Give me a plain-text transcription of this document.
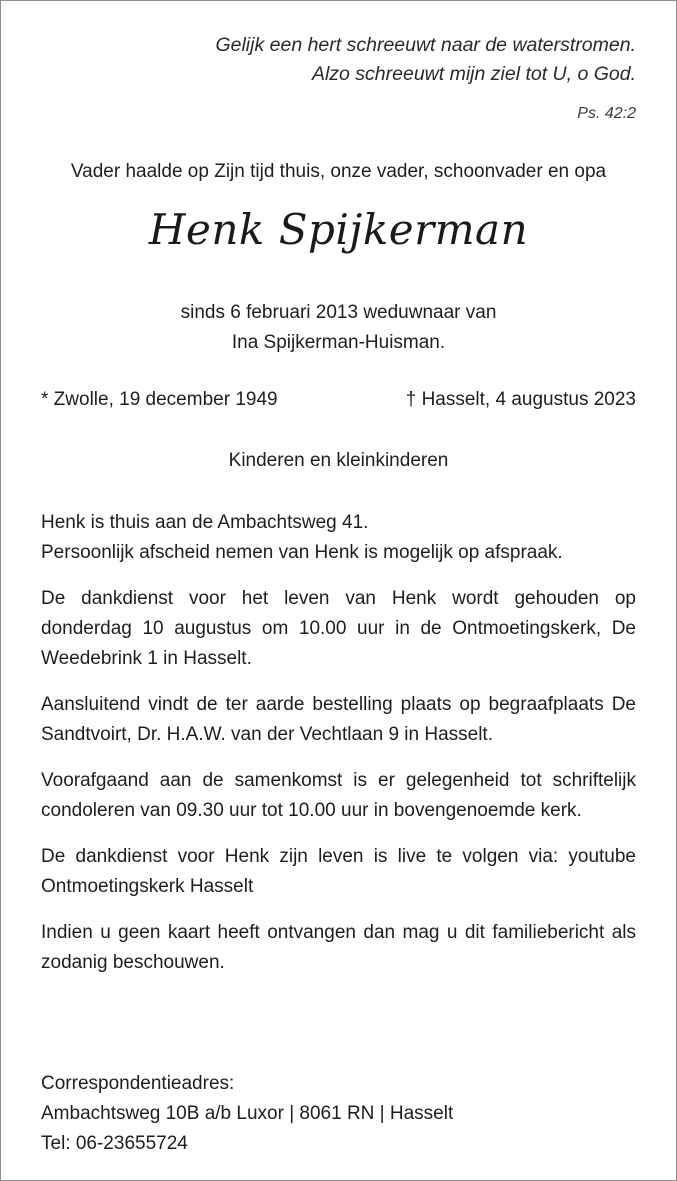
Gelijk een hert schreeuwt naar de waterstromen.
Alzo schreeuwt mijn ziel tot U, o God.
Ps. 42:2
Vader haalde op Zijn tijd thuis, onze vader, schoonvader en opa
Henk Spijkerman
sinds 6 februari 2013 weduwnaar van
Ina Spijkerman-Huisman.
* Zwolle, 19 december 1949	† Hasselt, 4 augustus 2023
Kinderen en kleinkinderen

Henk is thuis aan de Ambachtsweg 41.
Persoonlijk afscheid nemen van Henk is mogelijk op afspraak.

De dankdienst voor het leven van Henk wordt gehouden op donderdag 10 augustus om 10.00 uur in de Ontmoetingskerk, De Weedebrink 1 in Hasselt.

Aansluitend vindt de ter aarde bestelling plaats op begraafplaats De Sandtvoirt, Dr. H.A.W. van der Vechtlaan 9 in Hasselt.

Voorafgaand aan de samenkomst is er gelegenheid tot schriftelijk condoleren van 09.30 uur tot 10.00 uur in bovengenoemde kerk.

De dankdienst voor Henk zijn leven is live te volgen via: youtube Ontmoetingskerk Hasselt

Indien u geen kaart heeft ontvangen dan mag u dit familiebericht als zodanig beschouwen.

Correspondentieadres:
Ambachtsweg 10B a/b Luxor | 8061 RN | Hasselt
Tel: 06-23655724
